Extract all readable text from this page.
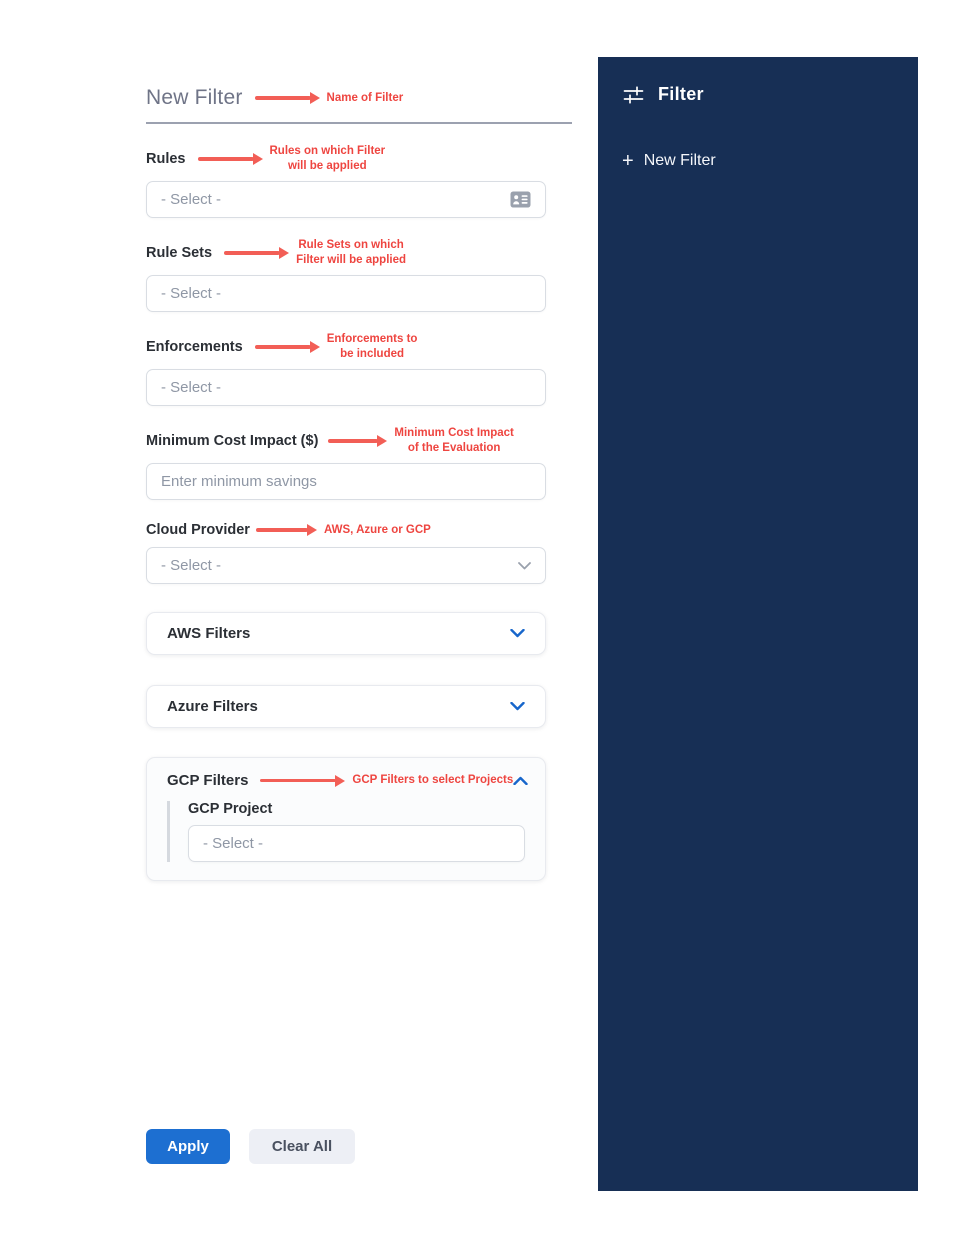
New Filter	Name of Filter
Rules	Rules on which Filter
will be applied
- Select -
Rule Sets	Rule Sets on which
Filter will be applied
- Select -
Enforcements	Enforcements to
be included
- Select -
Minimum Cost Impact ($)	Minimum Cost Impact
of the Evaluation
Enter minimum savings
Cloud Provider	AWS, Azure or GCP
- Select -
AWS Filters
Azure Filters
GCP Filters	GCP Filters to select Projects
GCP Project
- Select -
Apply	Clear All
Filter
+ New Filter
